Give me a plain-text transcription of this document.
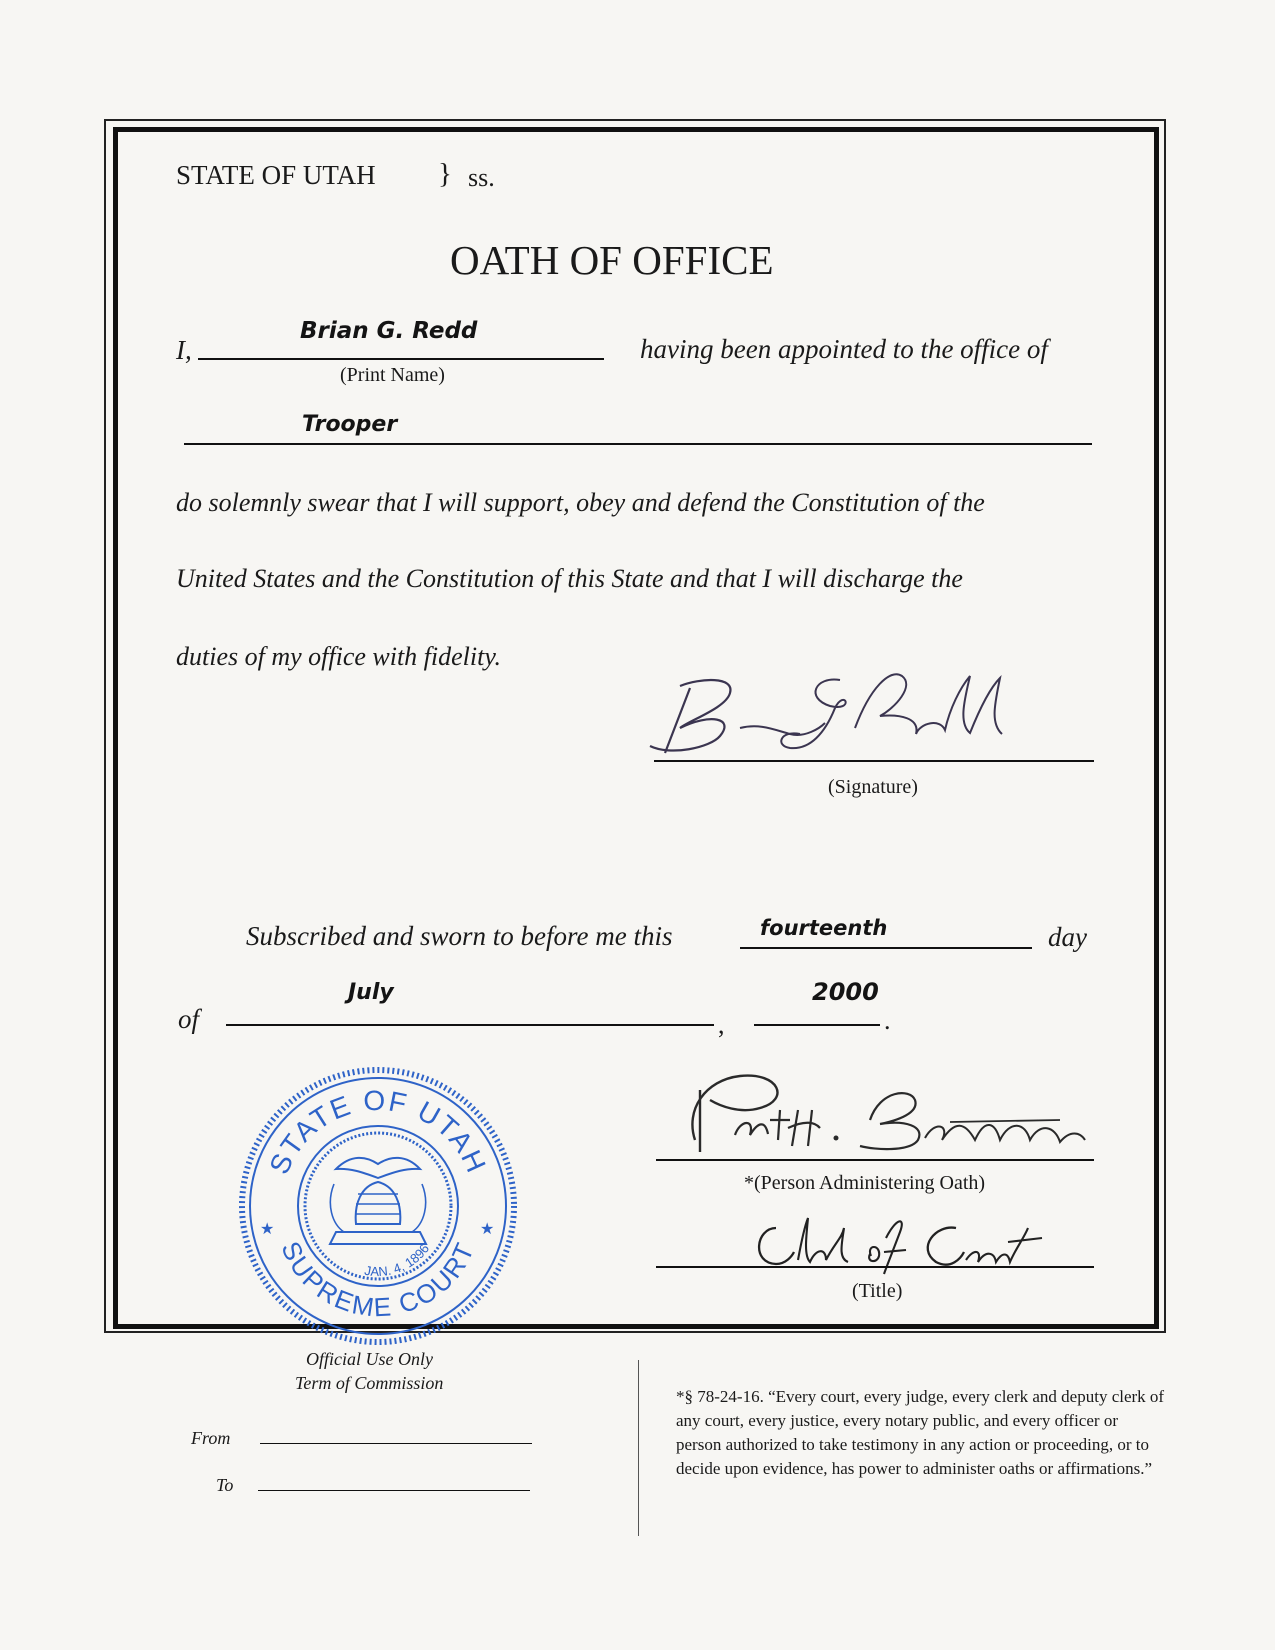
STATE OF UTAH } ss.
OATH OF OFFICE
I,
Brian G. Redd
(Print Name)
having been appointed to the office of
Trooper
do solemnly swear that I will support, obey and defend the Constitution of the
United States and the Constitution of this State and that I will discharge the
duties of my office with fidelity.
(Signature)
Subscribed and sworn to before me this	fourteenth	day
of
July
,
2000
.
*(Person Administering Oath)
(Title)
STATE OF UTAH
SUPREME COURT
JAN. 4, 1896
★	★
Official Use Only
Term of Commission
From
To
*§ 78-24-16. “Every court, every judge, every clerk and deputy clerk of any court, every justice, every notary public, and every officer or person authorized to take testimony in any action or proceeding, or to decide upon evidence, has power to administer oaths or affirmations.”
